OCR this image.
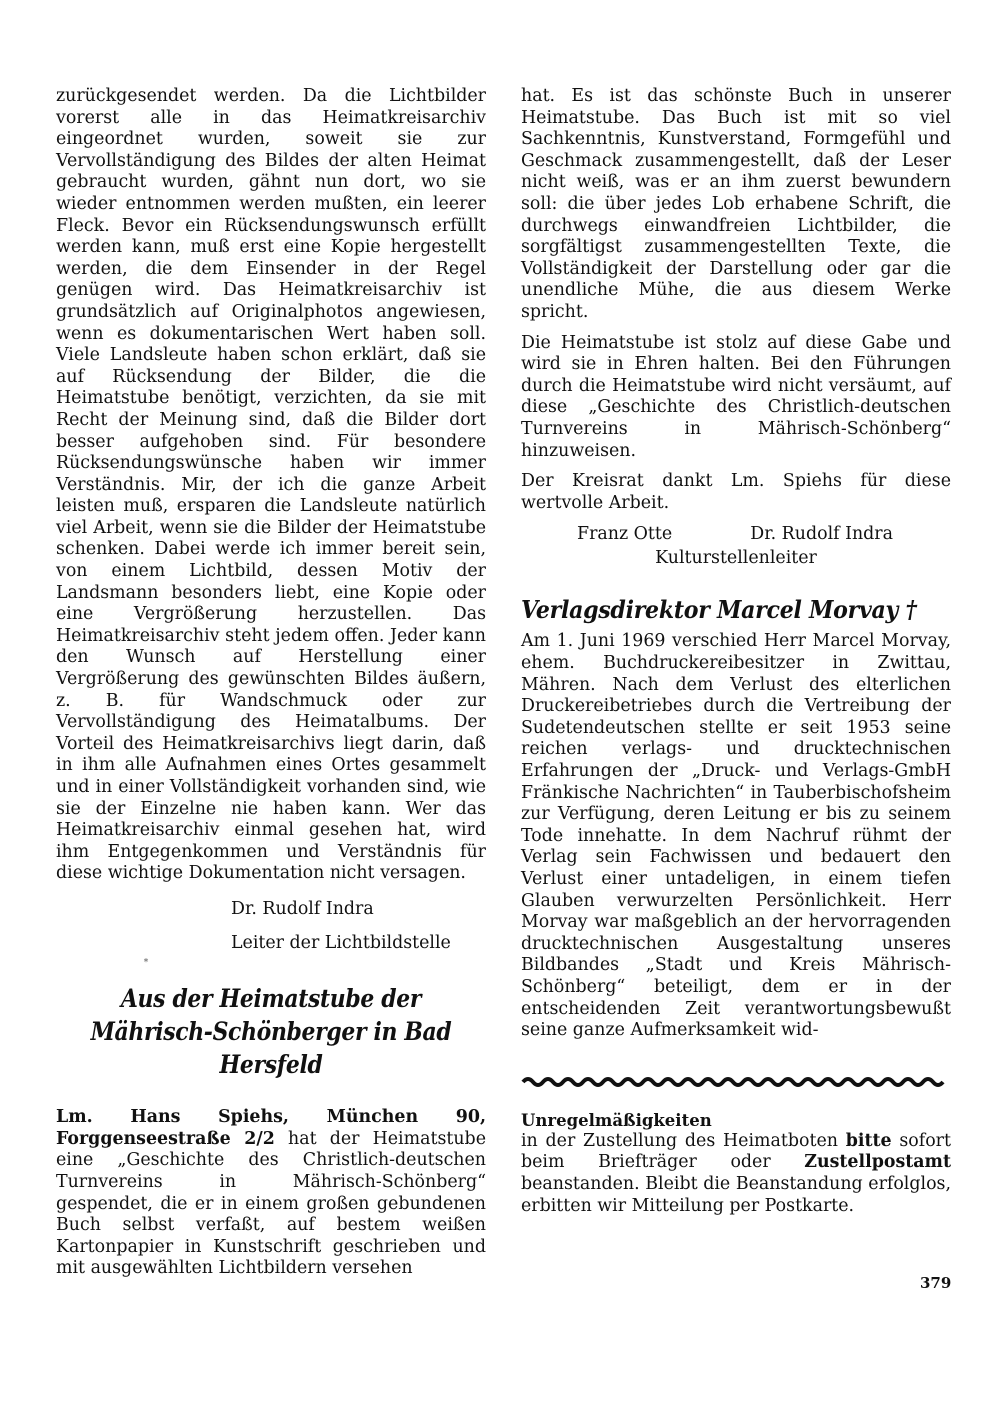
zurückgesendet werden. Da die Lichtbilder vorerst alle in das Heimatkreisarchiv eingeordnet wurden, soweit sie zur Vervollständigung des Bildes der alten Heimat gebraucht wurden, gähnt nun dort, wo sie wieder entnommen werden mußten, ein leerer Fleck. Bevor ein Rücksendungswunsch erfüllt werden kann, muß erst eine Kopie hergestellt werden, die dem Einsender in der Regel genügen wird. Das Heimatkreisarchiv ist grundsätzlich auf Originalphotos angewiesen, wenn es dokumentarischen Wert haben soll. Viele Landsleute haben schon erklärt, daß sie auf Rücksendung der Bilder, die die Heimatstube benötigt, verzichten, da sie mit Recht der Meinung sind, daß die Bilder dort besser aufgehoben sind. Für besondere Rücksendungswünsche haben wir immer Verständnis. Mir, der ich die ganze Arbeit leisten muß, ersparen die Landsleute natürlich viel Arbeit, wenn sie die Bilder der Heimatstube schenken. Dabei werde ich immer bereit sein, von einem Lichtbild, dessen Motiv der Landsmann besonders liebt, eine Kopie oder eine Vergrößerung herzustellen. Das Heimatkreisarchiv steht jedem offen. Jeder kann den Wunsch auf Herstellung einer Vergrößerung des gewünschten Bildes äußern, z. B. für Wandschmuck oder zur Vervollständigung des Heimatalbums. Der Vorteil des Heimatkreisarchivs liegt darin, daß in ihm alle Aufnahmen eines Ortes gesammelt und in einer Vollständigkeit vorhanden sind, wie sie der Einzelne nie haben kann. Wer das Heimatkreisarchiv einmal gesehen hat, wird ihm Entgegenkommen und Verständnis für diese wichtige Dokumentation nicht versagen.

Dr. Rudolf Indra
Leiter der Lichtbildstelle
*
Aus der Heimatstube der Mährisch-Schönberger in Bad Hersfeld

Lm. Hans Spiehs, München 90, Forggenseestraße 2/2 hat der Heimatstube eine „Geschichte des Christlich-deutschen Turnvereins in Mährisch-Schönberg“ gespendet, die er in einem großen gebundenen Buch selbst verfaßt, auf bestem weißen Kartonpapier in Kunstschrift geschrieben und mit ausgewählten Lichtbildern versehen

hat. Es ist das schönste Buch in unserer Heimatstube. Das Buch ist mit so viel Sachkenntnis, Kunstverstand, Formgefühl und Geschmack zusammengestellt, daß der Leser nicht weiß, was er an ihm zuerst bewundern soll: die über jedes Lob erhabene Schrift, die durchwegs einwandfreien Lichtbilder, die sorgfältigst zusammengestellten Texte, die Vollständigkeit der Darstellung oder gar die unendliche Mühe, die aus diesem Werke spricht.

Die Heimatstube ist stolz auf diese Gabe und wird sie in Ehren halten. Bei den Führungen durch die Heimatstube wird nicht versäumt, auf diese „Geschichte des Christlich-deutschen Turnvereins in Mährisch-Schönberg“ hinzuweisen.

Der Kreisrat dankt Lm. Spiehs für diese wertvolle Arbeit.

Franz Otte	Dr. Rudolf Indra
Kulturstellenleiter
Verlagsdirektor Marcel Morvay †

Am 1. Juni 1969 verschied Herr Marcel Morvay, ehem. Buchdruckereibesitzer in Zwittau, Mähren. Nach dem Verlust des elterlichen Druckereibetriebes durch die Vertreibung der Sudetendeutschen stellte er seit 1953 seine reichen verlags- und drucktechnischen Erfahrungen der „Druck- und Verlags-GmbH Fränkische Nachrichten“ in Tauberbischofsheim zur Verfügung, deren Leitung er bis zu seinem Tode innehatte. In dem Nachruf rühmt der Verlag sein Fachwissen und bedauert den Verlust einer untadeligen, in einem tiefen Glauben verwurzelten Persönlichkeit. Herr Morvay war maßgeblich an der hervorragenden drucktechnischen Ausgestaltung unseres Bildbandes „Stadt und Kreis Mährisch-Schönberg“ beteiligt, dem er in der entscheidenden Zeit verantwortungsbewußt seine ganze Aufmerksamkeit wid-

Unregelmäßigkeiten

in der Zustellung des Heimatboten bitte sofort beim Briefträger oder Zustellpostamt beanstanden. Bleibt die Beanstandung erfolglos, erbitten wir Mitteilung per Postkarte.

379
